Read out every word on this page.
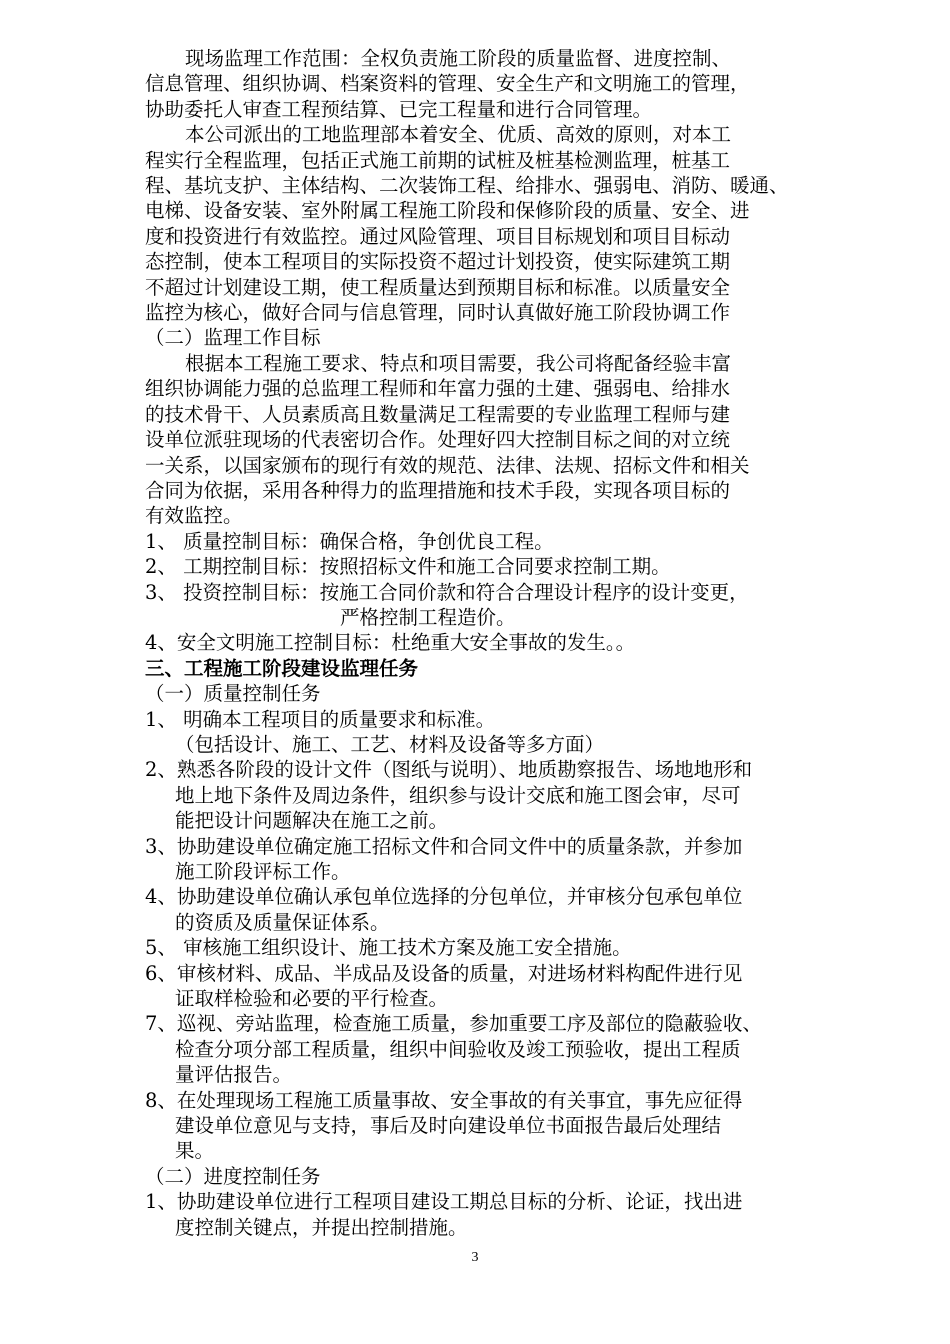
现场监理工作范围：全权负责施工阶段的质量监督、进度控制、

信息管理、组织协调、档案资料的管理、安全生产和文明施工的管理，

协助委托人审查工程预结算、已完工程量和进行合同管理。

本公司派出的工地监理部本着安全、优质、高效的原则，对本工

程实行全程监理，包括正式施工前期的试桩及桩基检测监理，桩基工

程、基坑支护、主体结构、二次装饰工程、给排水、强弱电、消防、暖通、

电梯、设备安装、室外附属工程施工阶段和保修阶段的质量、安全、进

度和投资进行有效监控。通过风险管理、项目目标规划和项目目标动

态控制，使本工程项目的实际投资不超过计划投资，使实际建筑工期

不超过计划建设工期，使工程质量达到预期目标和标准。以质量安全

监控为核心，做好合同与信息管理，同时认真做好施工阶段协调工作

（二）监理工作目标

根据本工程施工要求、特点和项目需要，我公司将配备经验丰富

组织协调能力强的总监理工程师和年富力强的土建、强弱电、给排水

的技术骨干、人员素质高且数量满足工程需要的专业监理工程师与建

设单位派驻现场的代表密切合作。处理好四大控制目标之间的对立统

一关系，以国家颁布的现行有效的规范、法律、法规、招标文件和相关

合同为依据，采用各种得力的监理措施和技术手段，实现各项目标的

有效监控。

1、 质量控制目标：确保合格，争创优良工程。

2、 工期控制目标：按照招标文件和施工合同要求控制工期。

3、 投资控制目标：按施工合同价款和符合合理设计程序的设计变更，

严格控制工程造价。

4、安全文明施工控制目标：杜绝重大安全事故的发生。。

三、工程施工阶段建设监理任务

（一）质量控制任务

1、 明确本工程项目的质量要求和标准。

（包括设计、施工、工艺、材料及设备等多方面）

2、熟悉各阶段的设计文件（图纸与说明）、地质勘察报告、场地地形和

地上地下条件及周边条件，组织参与设计交底和施工图会审，尽可

能把设计问题解决在施工之前。

3、协助建设单位确定施工招标文件和合同文件中的质量条款，并参加

施工阶段评标工作。

4、协助建设单位确认承包单位选择的分包单位，并审核分包承包单位

的资质及质量保证体系。

5、 审核施工组织设计、施工技术方案及施工安全措施。

6、审核材料、成品、半成品及设备的质量，对进场材料构配件进行见

证取样检验和必要的平行检查。

7、巡视、旁站监理，检查施工质量，参加重要工序及部位的隐蔽验收、

检查分项分部工程质量，组织中间验收及竣工预验收，提出工程质

量评估报告。

8、在处理现场工程施工质量事故、安全事故的有关事宜，事先应征得

建设单位意见与支持，事后及时向建设单位书面报告最后处理结

果。

（二）进度控制任务

1、协助建设单位进行工程项目建设工期总目标的分析、论证，找出进

度控制关键点，并提出控制措施。

3
